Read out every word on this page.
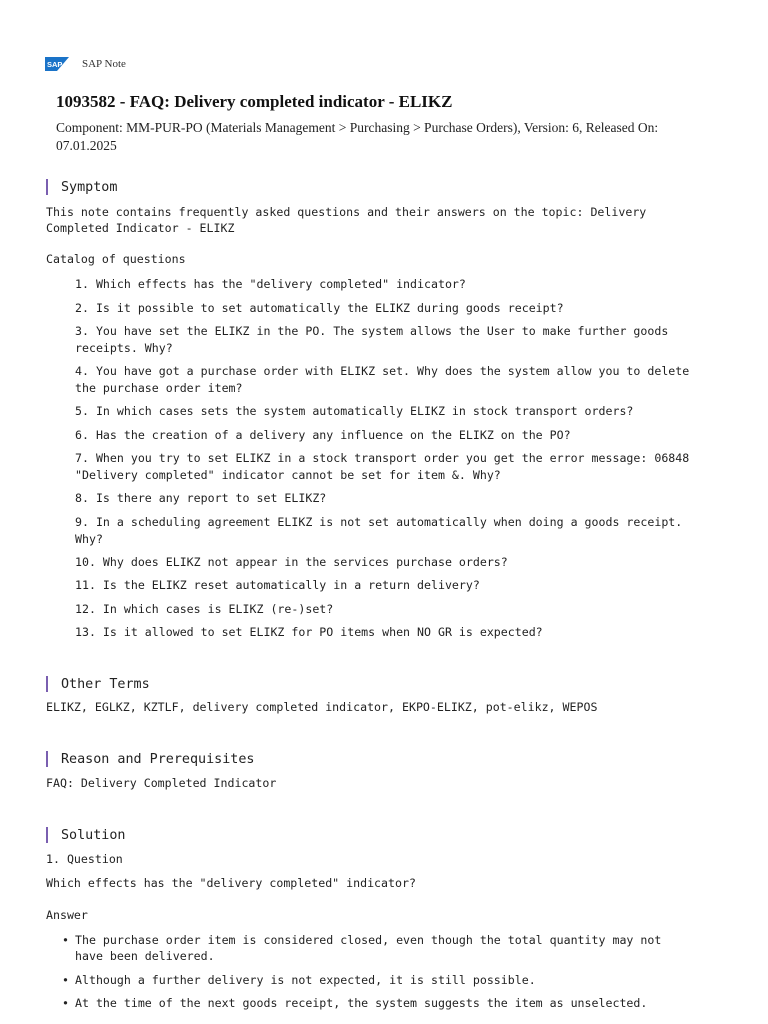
SAP SAP Note
1093582 - FAQ: Delivery completed indicator - ELIKZ
Component: MM-PUR-PO (Materials Management > Purchasing > Purchase Orders), Version: 6, Released On:
07.01.2025
Symptom
This note contains frequently asked questions and their answers on the topic: Delivery
Completed Indicator - ELIKZ
Catalog of questions
1. Which effects has the "delivery completed" indicator?
2. Is it possible to set automatically the ELIKZ during goods receipt?
3. You have set the ELIKZ in the PO. The system allows the User to make further goods
receipts. Why?
4. You have got a purchase order with ELIKZ set. Why does the system allow you to delete
the purchase order item?
5. In which cases sets the system automatically ELIKZ in stock transport orders?
6. Has the creation of a delivery any influence on the ELIKZ on the PO?
7. When you try to set ELIKZ in a stock transport order you get the error message: 06848
"Delivery completed" indicator cannot be set for item &. Why?
8. Is there any report to set ELIKZ?
9. In a scheduling agreement ELIKZ is not set automatically when doing a goods receipt.
Why?
10. Why does ELIKZ not appear in the services purchase orders?
11. Is the ELIKZ reset automatically in a return delivery?
12. In which cases is ELIKZ (re-)set?
13. Is it allowed to set ELIKZ for PO items when NO GR is expected?
Other Terms
ELIKZ, EGLKZ, KZTLF, delivery completed indicator, EKPO-ELIKZ, pot-elikz, WEPOS
Reason and Prerequisites
FAQ: Delivery Completed Indicator
Solution
1. Question
Which effects has the "delivery completed" indicator?
Answer
• The purchase order item is considered closed, even though the total quantity may not
have been delivered.
• Although a further delivery is not expected, it is still possible.
• At the time of the next goods receipt, the system suggests the item as unselected.
